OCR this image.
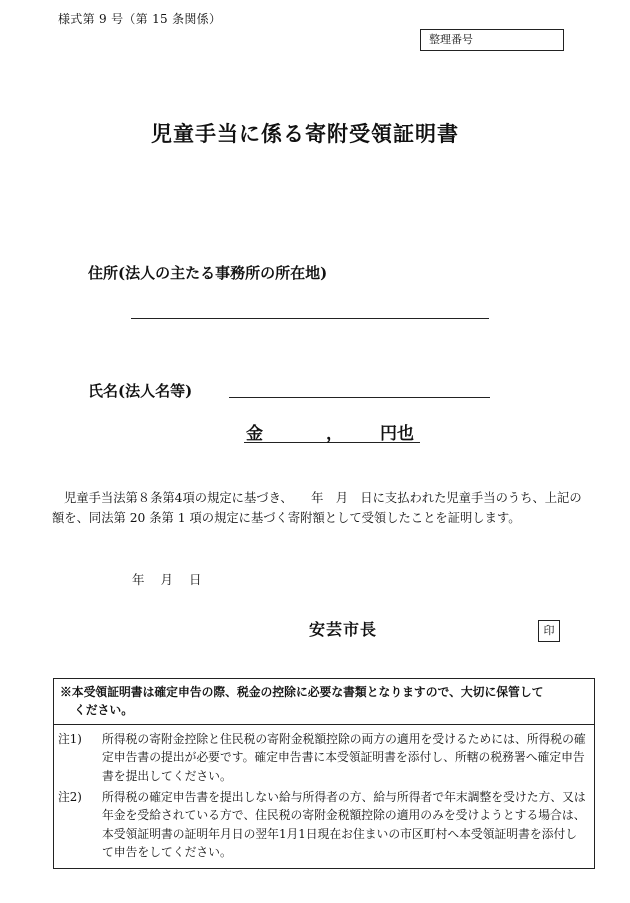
様式第 9 号（第 15 条関係）
整理番号
児童手当に係る寄附受領証明書
住所(法人の主たる事務所の所在地)
氏名(法人名等)
金	， 円也
児童手当法第８条第4項の規定に基づき、　　年　月　日に支払われた児童手当のうち、上記の額を、同法第 20 条第 1 項の規定に基づく寄附額として受領したことを証明します。
年 月 日
安芸市長	印
※本受領証明書は確定申告の際、税金の控除に必要な書類となりますので、大切に保管して
ください。
注1) 所得税の寄附金控除と住民税の寄附金税額控除の両方の適用を受けるためには、所得税の確定申告書の提出が必要です。確定申告書に本受領証明書を添付し、所轄の税務署へ確定申告書を提出してください。
注2) 所得税の確定申告書を提出しない給与所得者の方、給与所得者で年末調整を受けた方、又は年金を受給されている方で、住民税の寄附金税額控除の適用のみを受けようとする場合は、本受領証明書の証明年月日の翌年1月1日現在お住まいの市区町村へ本受領証明書を添付して申告をしてください。
